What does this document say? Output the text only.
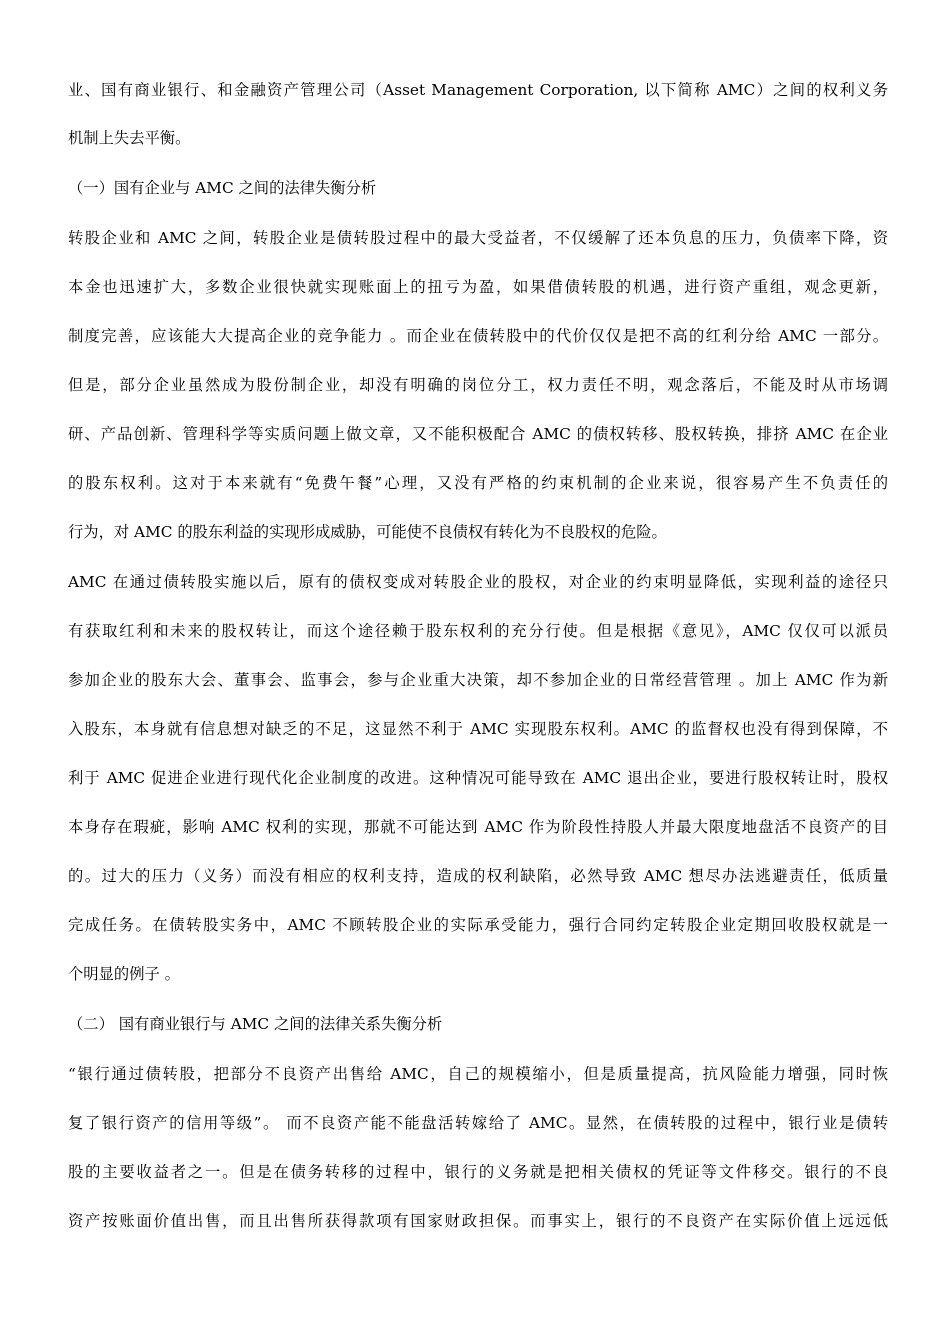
业、国有商业银行、和金融资产管理公司（Asset Management Corporation, 以下简称 AMC）之间的权利义务
机制上失去平衡。
（一）国有企业与 AMC 之间的法律失衡分析
转股企业和 AMC 之间，转股企业是债转股过程中的最大受益者，不仅缓解了还本负息的压力，负债率下降，资
本金也迅速扩大，多数企业很快就实现账面上的扭亏为盈，如果借债转股的机遇，进行资产重组，观念更新，
制度完善，应该能大大提高企业的竞争能力 。而企业在债转股中的代价仅仅是把不高的红利分给 AMC 一部分。
但是，部分企业虽然成为股份制企业，却没有明确的岗位分工，权力责任不明，观念落后，不能及时从市场调
研、产品创新、管理科学等实质问题上做文章，又不能积极配合 AMC 的债权转移、股权转换，排挤 AMC 在企业
的股东权利。这对于本来就有“免费午餐”心理，又没有严格的约束机制的企业来说，很容易产生不负责任的
行为，对 AMC 的股东利益的实现形成威胁，可能使不良债权有转化为不良股权的危险。
AMC 在通过债转股实施以后，原有的债权变成对转股企业的股权，对企业的约束明显降低，实现利益的途径只
有获取红利和未来的股权转让，而这个途径赖于股东权利的充分行使。但是根据《意见》，AMC 仅仅可以派员
参加企业的股东大会、董事会、监事会，参与企业重大决策，却不参加企业的日常经营管理 。加上 AMC 作为新
入股东，本身就有信息想对缺乏的不足，这显然不利于 AMC 实现股东权利。AMC 的监督权也没有得到保障，不
利于 AMC 促进企业进行现代化企业制度的改进。这种情况可能导致在 AMC 退出企业，要进行股权转让时，股权
本身存在瑕疵，影响 AMC 权利的实现，那就不可能达到 AMC 作为阶段性持股人并最大限度地盘活不良资产的目
的。过大的压力（义务）而没有相应的权利支持，造成的权利缺陷，必然导致 AMC 想尽办法逃避责任，低质量
完成任务。在债转股实务中，AMC 不顾转股企业的实际承受能力，强行合同约定转股企业定期回收股权就是一
个明显的例子 。
（二） 国有商业银行与 AMC 之间的法律关系失衡分析
“银行通过债转股，把部分不良资产出售给 AMC，自己的规模缩小，但是质量提高，抗风险能力增强，同时恢
复了银行资产的信用等级”。 而不良资产能不能盘活转嫁给了 AMC。显然，在债转股的过程中，银行业是债转
股的主要收益者之一。但是在债务转移的过程中，银行的义务就是把相关债权的凭证等文件移交。银行的不良
资产按账面价值出售，而且出售所获得款项有国家财政担保。而事实上，银行的不良资产在实际价值上远远低
